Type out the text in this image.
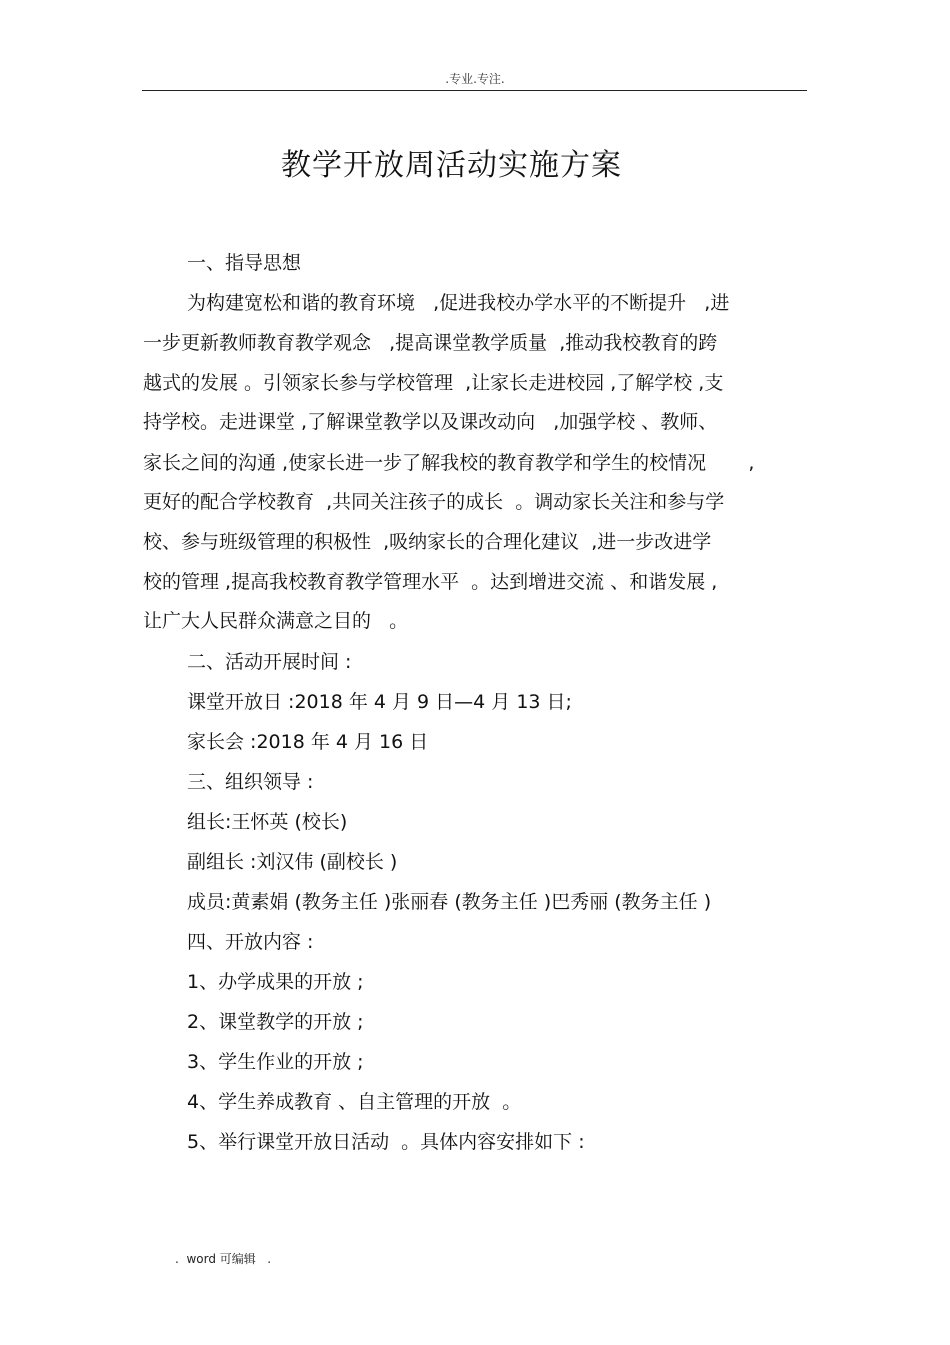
.专业.专注.
教学开放周活动实施方案
一、指导思想
为构建宽松和谐的教育环境   ,促进我校办学水平的不断提升   ,进
一步更新教师教育教学观念   ,提高课堂教学质量  ,推动我校教育的跨
越式的发展 。引领家长参与学校管理  ,让家长走进校园 ,了解学校 ,支
持学校。走进课堂 ,了解课堂教学以及课改动向   ,加强学校 、教师、
家长之间的沟通 ,使家长进一步了解我校的教育教学和学生的校情况       ,
更好的配合学校教育  ,共同关注孩子的成长  。调动家长关注和参与学
校、参与班级管理的积极性  ,吸纳家长的合理化建议  ,进一步改进学
校的管理 ,提高我校教育教学管理水平  。达到增进交流 、和谐发展 ,
让广大人民群众满意之目的   。
二、活动开展时间 :
课堂开放日 :2018 年 4 月 9 日—4 月 13 日;
家长会 :2018 年 4 月 16 日
三、组织领导 :
组长:王怀英 (校长)
副组长 :刘汉伟 (副校长 )
成员:黄素娟 (教务主任 )张丽春 (教务主任 )巴秀丽 (教务主任 )
四、开放内容 :
1、办学成果的开放 ;
2、课堂教学的开放 ;
3、学生作业的开放 ;
4、学生养成教育 、自主管理的开放  。
5、举行课堂开放日活动  。具体内容安排如下 :
.  word 可编辑   .
